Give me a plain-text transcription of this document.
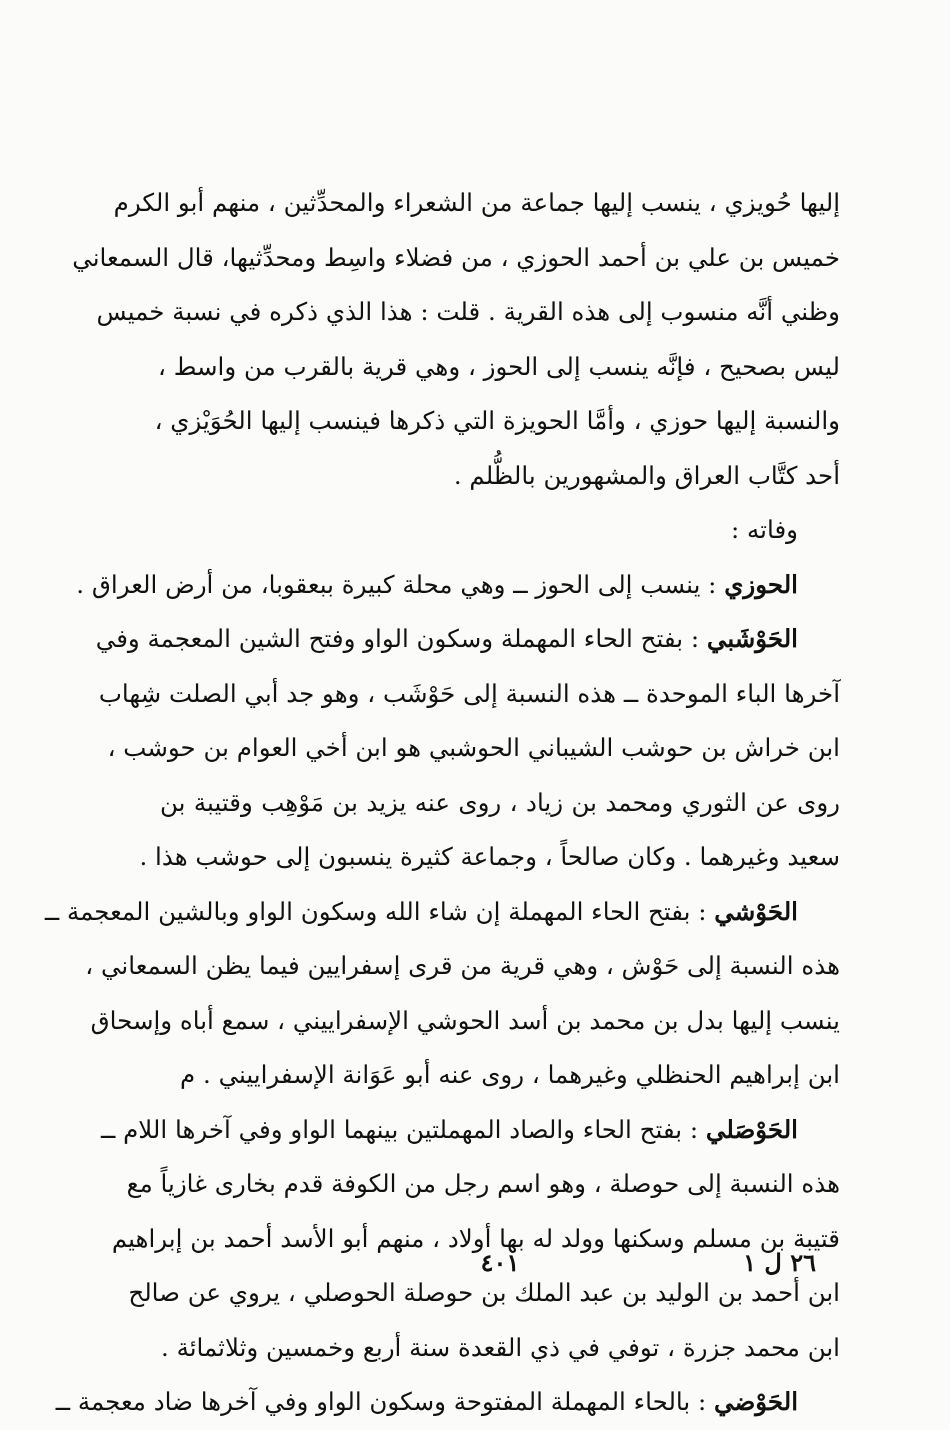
إليها حُويزي ، ينسب إليها جماعة من الشعراء والمحدِّثين ، منهم أبو الكرم
خميس بن علي بن أحمد الحوزي ، من فضلاء واسِط ومحدِّثيها، قال السمعاني
وظني أنَّه منسوب إلى هذه القرية . قلت : هذا الذي ذكره في نسبة خميس
ليس بصحيح ، فإنَّه ينسب إلى الحوز ، وهي قرية بالقرب من واسط ،
والنسبة إليها حوزي ، وأمَّا الحويزة التي ذكرها فينسب إليها الحُوَيْزي ،
أحد كتَّاب العراق والمشهورين بالظُّلم .
وفاته :
الحوزي : ينسب إلى الحوز ــ وهي محلة كبيرة ببعقوبا، من أرض العراق .
الحَوْشَبي : بفتح الحاء المهملة وسكون الواو وفتح الشين المعجمة وفي
آخرها الباء الموحدة ــ هذه النسبة إلى حَوْشَب ، وهو جد أبي الصلت شِهاب
ابن خراش بن حوشب الشيباني الحوشبي هو ابن أخي العوام بن حوشب ،
روى عن الثوري ومحمد بن زياد ، روى عنه يزيد بن مَوْهِب وقتيبة بن
سعيد وغيرهما . وكان صالحاً ، وجماعة كثيرة ينسبون إلى حوشب هذا .
الحَوْشي : بفتح الحاء المهملة إن شاء الله وسكون الواو وبالشين المعجمة ــ
هذه النسبة إلى حَوْش ، وهي قرية من قرى إسفرايين فيما يظن السمعاني ،
ينسب إليها بدل بن محمد بن أسد الحوشي الإسفراييني ، سمع أباه وإسحاق
ابن إبراهيم الحنظلي وغيرهما ، روى عنه أبو عَوَانة الإسفراييني . م
الحَوْصَلي : بفتح الحاء والصاد المهملتين بينهما الواو وفي آخرها اللام ــ
هذه النسبة إلى حوصلة ، وهو اسم رجل من الكوفة قدم بخارى غازياً مع
قتيبة بن مسلم وسكنها وولد له بها أولاد ، منهم أبو الأسد أحمد بن إبراهيم
ابن أحمد بن الوليد بن عبد الملك بن حوصلة الحوصلي ، يروي عن صالح
ابن محمد جزرة ، توفي في ذي القعدة سنة أربع وخمسين وثلاثمائة .
الحَوْضي : بالحاء المهملة المفتوحة وسكون الواو وفي آخرها ضاد معجمة ــ
٢٦ ل ١
٤٠١
